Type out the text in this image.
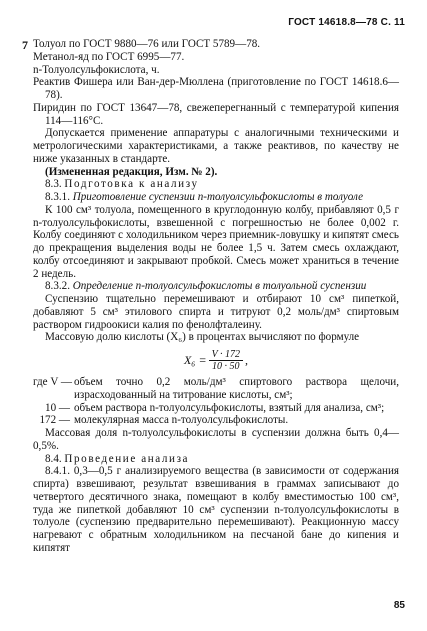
ГОСТ 14618.8—78 С. 11
7 Толуол по ГОСТ 9880—76 или ГОСТ 5789—78.

Метанол-яд по ГОСТ 6995—77.

n-Толуолсульфокислота, ч.

Реактив Фишера или Ван-дер-Мюллена (приготовление по ГОСТ 14618.6—78).

Пиридин по ГОСТ 13647—78, свежеперегнанный с температурой кипения 114—116°С.

Допускается применение аппаратуры с аналогичными техническими и метрологическими характеристиками, а также реактивов, по качеству не ниже указанных в стандарте.

(Измененная редакция, Изм. № 2).

8.3. Подготовка к анализу

8.3.1. Приготовление суспензии n-толуолсульфокислоты в толуоле

К 100 см³ толуола, помещенного в круглодонную колбу, прибавляют 0,5 г n-толуолсульфокислоты, взвешенной с погрешностью не более 0,002 г. Колбу соединяют с холодильником через приемник-ловушку и кипятят смесь до прекращения выделения воды не более 1,5 ч. Затем смесь охлаждают, колбу отсоединяют и закрывают пробкой. Смесь может храниться в течение 2 недель.

8.3.2. Определение n-толуолсульфокислоты в толуольной суспензии

Суспензию тщательно перемешивают и отбирают 10 см³ пипеткой, добавляют 5 см³ этилового спирта и титруют 0,2 моль/дм³ спиртовым раствором гидроокиси калия по фенолфталеину.

Массовую долю кислоты (X₆) в процентах вычисляют по формуле

$X_6 = \frac{V \cdot 172}{10 \cdot 50}$ ,
где V — объем точно 0,2 моль/дм³ спиртового раствора щелочи, израсходованный на титрование кислоты, см³;
10 — объем раствора n-толуолсульфокислоты, взятый для анализа, см³;
172 — молекулярная масса n-толуолсульфокислоты.

Массовая доля n-толуолсульфокислоты в суспензии должна быть 0,4—0,5%.

8.4. Проведение анализа

8.4.1. 0,3—0,5 г анализируемого вещества (в зависимости от содержания спирта) взвешивают, результат взвешивания в граммах записывают до четвертого десятичного знака, помещают в колбу вместимостью 100 см³, туда же пипеткой добавляют 10 см³ суспензии n-толуолсульфокислоты в толуоле (суспензию предварительно перемешивают). Реакционную массу нагревают с обратным холодильником на песчаной бане до кипения и кипятят

85
